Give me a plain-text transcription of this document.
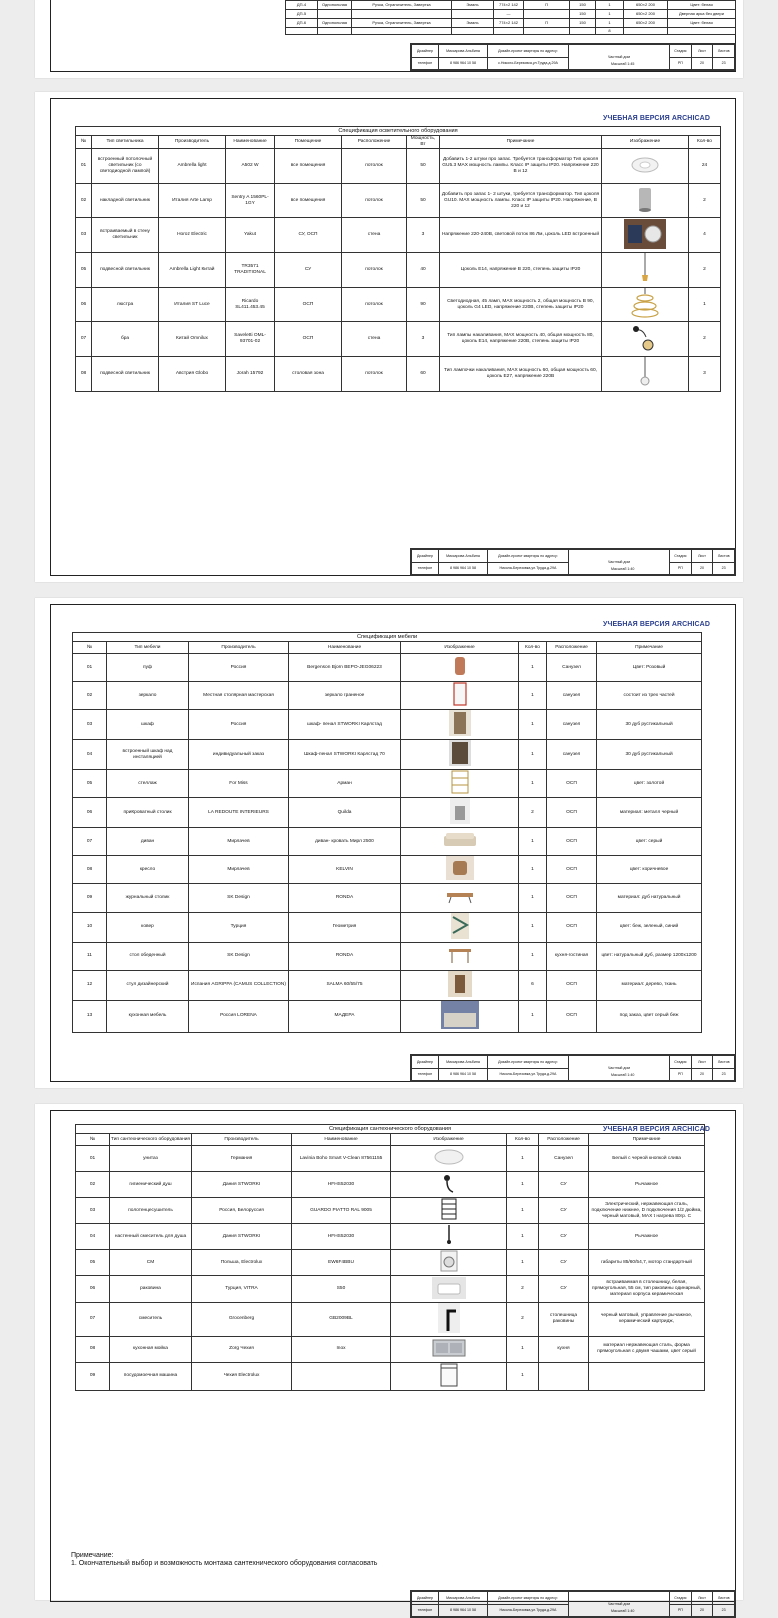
ДП-4	Однопольная	Ручка, Ограничитель, Завертка	Эмаль	774×2 142	П	150	1	650×2 200	Цвет: белая
ДП-5				—		150	1	650×2 200	Дверная арка без двери
ДП-6	Однопольная	Ручка, Ограничитель, Завертка	Эмаль	774×2 142	П	150	1	650×2 200	Цвет: белая
							8		
Дизайнер	Миксарова Альбина	Дизайн-проект квартиры по адресу:	Частный дом	Стадия	Лист	Листов
телефон	8 986 964 10 58	с.Николо-Березовка,ул.Труда,д.29А		РП	20	23
Масштаб 1:45
УЧЕБНАЯ ВЕРСИЯ ARCHICAD
Спецификация осветительного оборудования									
№	Тип светильника	Производитель	Наименование	Помещение	Расположение	Мощность, Вт	Примечание	Изображение	Кол-во
01	встроенный потолочный светильник (со светодиодной лампой)	Ambrella light	A502 W	все помещения	потолок	50	Добавить 1-2 штуки про запас. Требуется трансформатор Тип цоколя GU5.3 MAX мощность лампы. Класс IP защиты IP20. Напряжение 220 В и 12		24
02	накладной светильник	Италия Arte Lamp	Sentry A 1560PL-1GY	все помещения	потолок	50	Добавить про запас 1- 2 штуки, требуется трансформатор. Тип цоколя GU10. MAX мощность лампы. Класс IP защиты IP20. Напряжение, В 220 и 12		2
03	встраиваемый в стену светильник	Horoz Electric	Yakut	СУ, ОСП	стена	3	Напряжение 220-240В, световой поток 86 Лм, цоколь LED встроенный		4
05	подвесной светильник	Ambrella Light Китай	TR3571 TRADITIONAL	СУ	потолок	40	Цоколь E14, напряжение В 220, степень защиты IP20		2
06	люстра	Италия ST Luce	Ricardo SL411.453.45	ОСП	потолок	90	Светодиодная, 45 ламп, MAX мощность 2, общая мощность В 90, цоколь G4 LED, напряжение 220В, степень защиты IP20		1
07	бра	Китай Omnilux	Saveletti OML-93701-02	ОСП	стена	3	Тип лампы накаливания, MAX мощность 40, общая мощность 80, цоколь E14, напряжение 220В, степень защиты IP20		2
08	подвесной светильник	Австрия Globo	Jorah 15792	столовая зона	потолок	60	Тип лампочки накаливания, MAX мощность 60, общая мощность 60, цоколь E27, напряжение 220В		3
Дизайнер	Миксарова Альбина	Дизайн-проект квартиры по адресу:	Частный дом	Стадия	Лист	Листов
телефон	8 986 964 10 58	Никола-Березовка,ул.Труда,д.29А		РП	20	23
Масштаб 1:40
УЧЕБНАЯ ВЕРСИЯ ARCHICAD
Спецификация мебели							
№	Тип мебели	Производитель	Наименование	Изображение	Кол-во	Расположение	Примечание
01	пуф	Россия	Bergenson Bjorn BEPO-JEG06223		1	Санузел	Цвет: Розовый
02	зеркало	Местная столярная мастерская	зеркало граненое		1	санузел	состоит из трех частей
03	шкаф	Россия	шкаф- пенал STWORKI Карлстад		1	санузел	30 дуб рустикальный
04	встроенный шкаф над инсталяцией	индивидуальный заказ	Шкаф-пенал STWORKI Карлстад 70		1	санузел	30 дуб рустикальный
05	стеллаж	For Miss	Арман		1	ОСП	цвет: золотой
06	приКроватный столик	LA REDOUTE INTERIEURS	Quilda		2	ОСП	материал: металл черный
07	диван	Мирлачев	диван- кровать Мирл 2500		1	ОСП	цвет: серый
08	кресло	Мирлачев	KELVIN		1	ОСП	цвет: коричневое
09	журнальный столик	SK Design	RONDA		1	ОСП	материал: дуб натуральный
10	ковер	Турция	Геометрия		1	ОСП	цвет: беж, зеленый, синий
11	стол обеденный	SK Design	RONDA		1	кухня-гостиная	цвет: натуральный дуб, размер 1200х1200
12	стул дизайнерский	Испания AGRIPPA (CAMUS COLLECTION)	SALMA 60/55/75		6	ОСП	материал: дерево, ткань
13	кухонная мебель	Россия LORENA	МАДЕРА		1	ОСП	под заказ, цвет серый беж
Дизайнер	Миксарова Альбина	Дизайн-проект квартиры по адресу:	Частный дом	Стадия	Лист	Листов
телефон	8 986 964 10 58	Никола-Березовка,ул.Труда,д.29А		РП	20	23
Масштаб 1:40
УЧЕБНАЯ ВЕРСИЯ ARCHICAD
Спецификация сантехнического оборудования							
№	Тип сантехнического оборудования	Производитель	Наименование	Изображение	Кол-во	Расположение	Примечание
01	унитаз	Германия	Lavinia Boho Smart V-Clean 87561155		1	Санузел	Белый с черной кнопкой слива
02	гигиенический душ	Дания STWORKI	HFHS52030		1	СУ	Рычажное
03	полотенцесушитель	Россия, Белоруссия	GUARDO PIATTO RAL 9005		1	СУ	Электрический, нержавеющая сталь, подключение нижнее, D подключения 1/2 дюйма, черный матовый, MAX t нагрева 80гр. С
04	настенный смеситель для душа	Дания STWORKI	HFHS52030		1	СУ	Рычажное
05	СМ	Польша, Electrolux	EW6F4BBU		1	СУ	габариты 85/60/54,7, мотор стандартный
06	раковина	Турция, VITRA	S50		2	СУ	встраиваемая в столешницу, белая, прямоугольная, 55 см, тип раковины одинарный, материал корпуса керамическая
07	смеситель	Grocenberg	GB2009BL		2	столешница раковины	черный матовый, управление рычажное, керамический картридж,
08	кухонная мойка	Zorg Чехия	Inox		1	кухня	материал нержавеющая сталь, форма прямоугольная с двумя чашами, цвет серый
09	посудомоечная машина	Чехия Electrolux			1		
Примечание:
1. Окончательный выбор и возможность монтажа сантехнического оборудования согласовать
Дизайнер	Миксарова Альбина	Дизайн-проект квартиры по адресу:	Частный дом	Стадия	Лист	Листов
телефон	8 986 964 10 58	Никола-Березовка,ул.Труда,д.29А		РП	20	23
Масштаб 1:40
